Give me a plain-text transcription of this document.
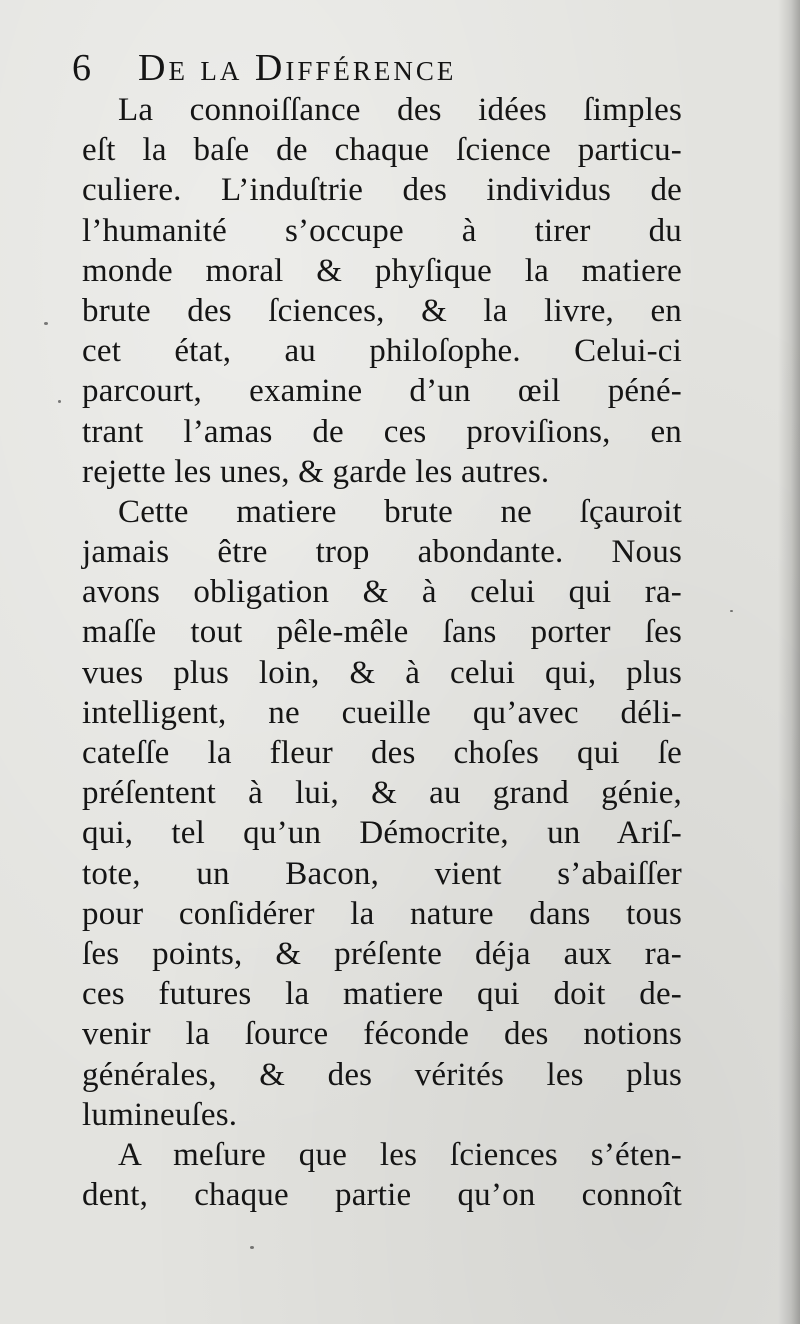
6 De la Différence
La connoiſſance des idées ſimples
eſt la baſe de chaque ſcience particu-
culiere. L’induſtrie des individus de
l’humanité s’occupe à tirer du
monde moral & phyſique la matiere
brute des ſciences, & la livre, en
cet état, au philoſophe. Celui-ci
parcourt, examine d’un œil péné-
trant l’amas de ces proviſions, en
rejette les unes, & garde les autres.
Cette matiere brute ne ſçauroit
jamais être trop abondante. Nous
avons obligation & à celui qui ra-
maſſe tout pêle-mêle ſans porter ſes
vues plus loin, & à celui qui, plus
intelligent, ne cueille qu’avec déli-
cateſſe la fleur des choſes qui ſe
préſentent à lui, & au grand génie,
qui, tel qu’un Démocrite, un Ariſ-
tote, un Bacon, vient s’abaiſſer
pour conſidérer la nature dans tous
ſes points, & préſente déja aux ra-
ces futures la matiere qui doit de-
venir la ſource féconde des notions
générales, & des vérités les plus
lumineuſes.
A meſure que les ſciences s’éten-
dent, chaque partie qu’on connoît
